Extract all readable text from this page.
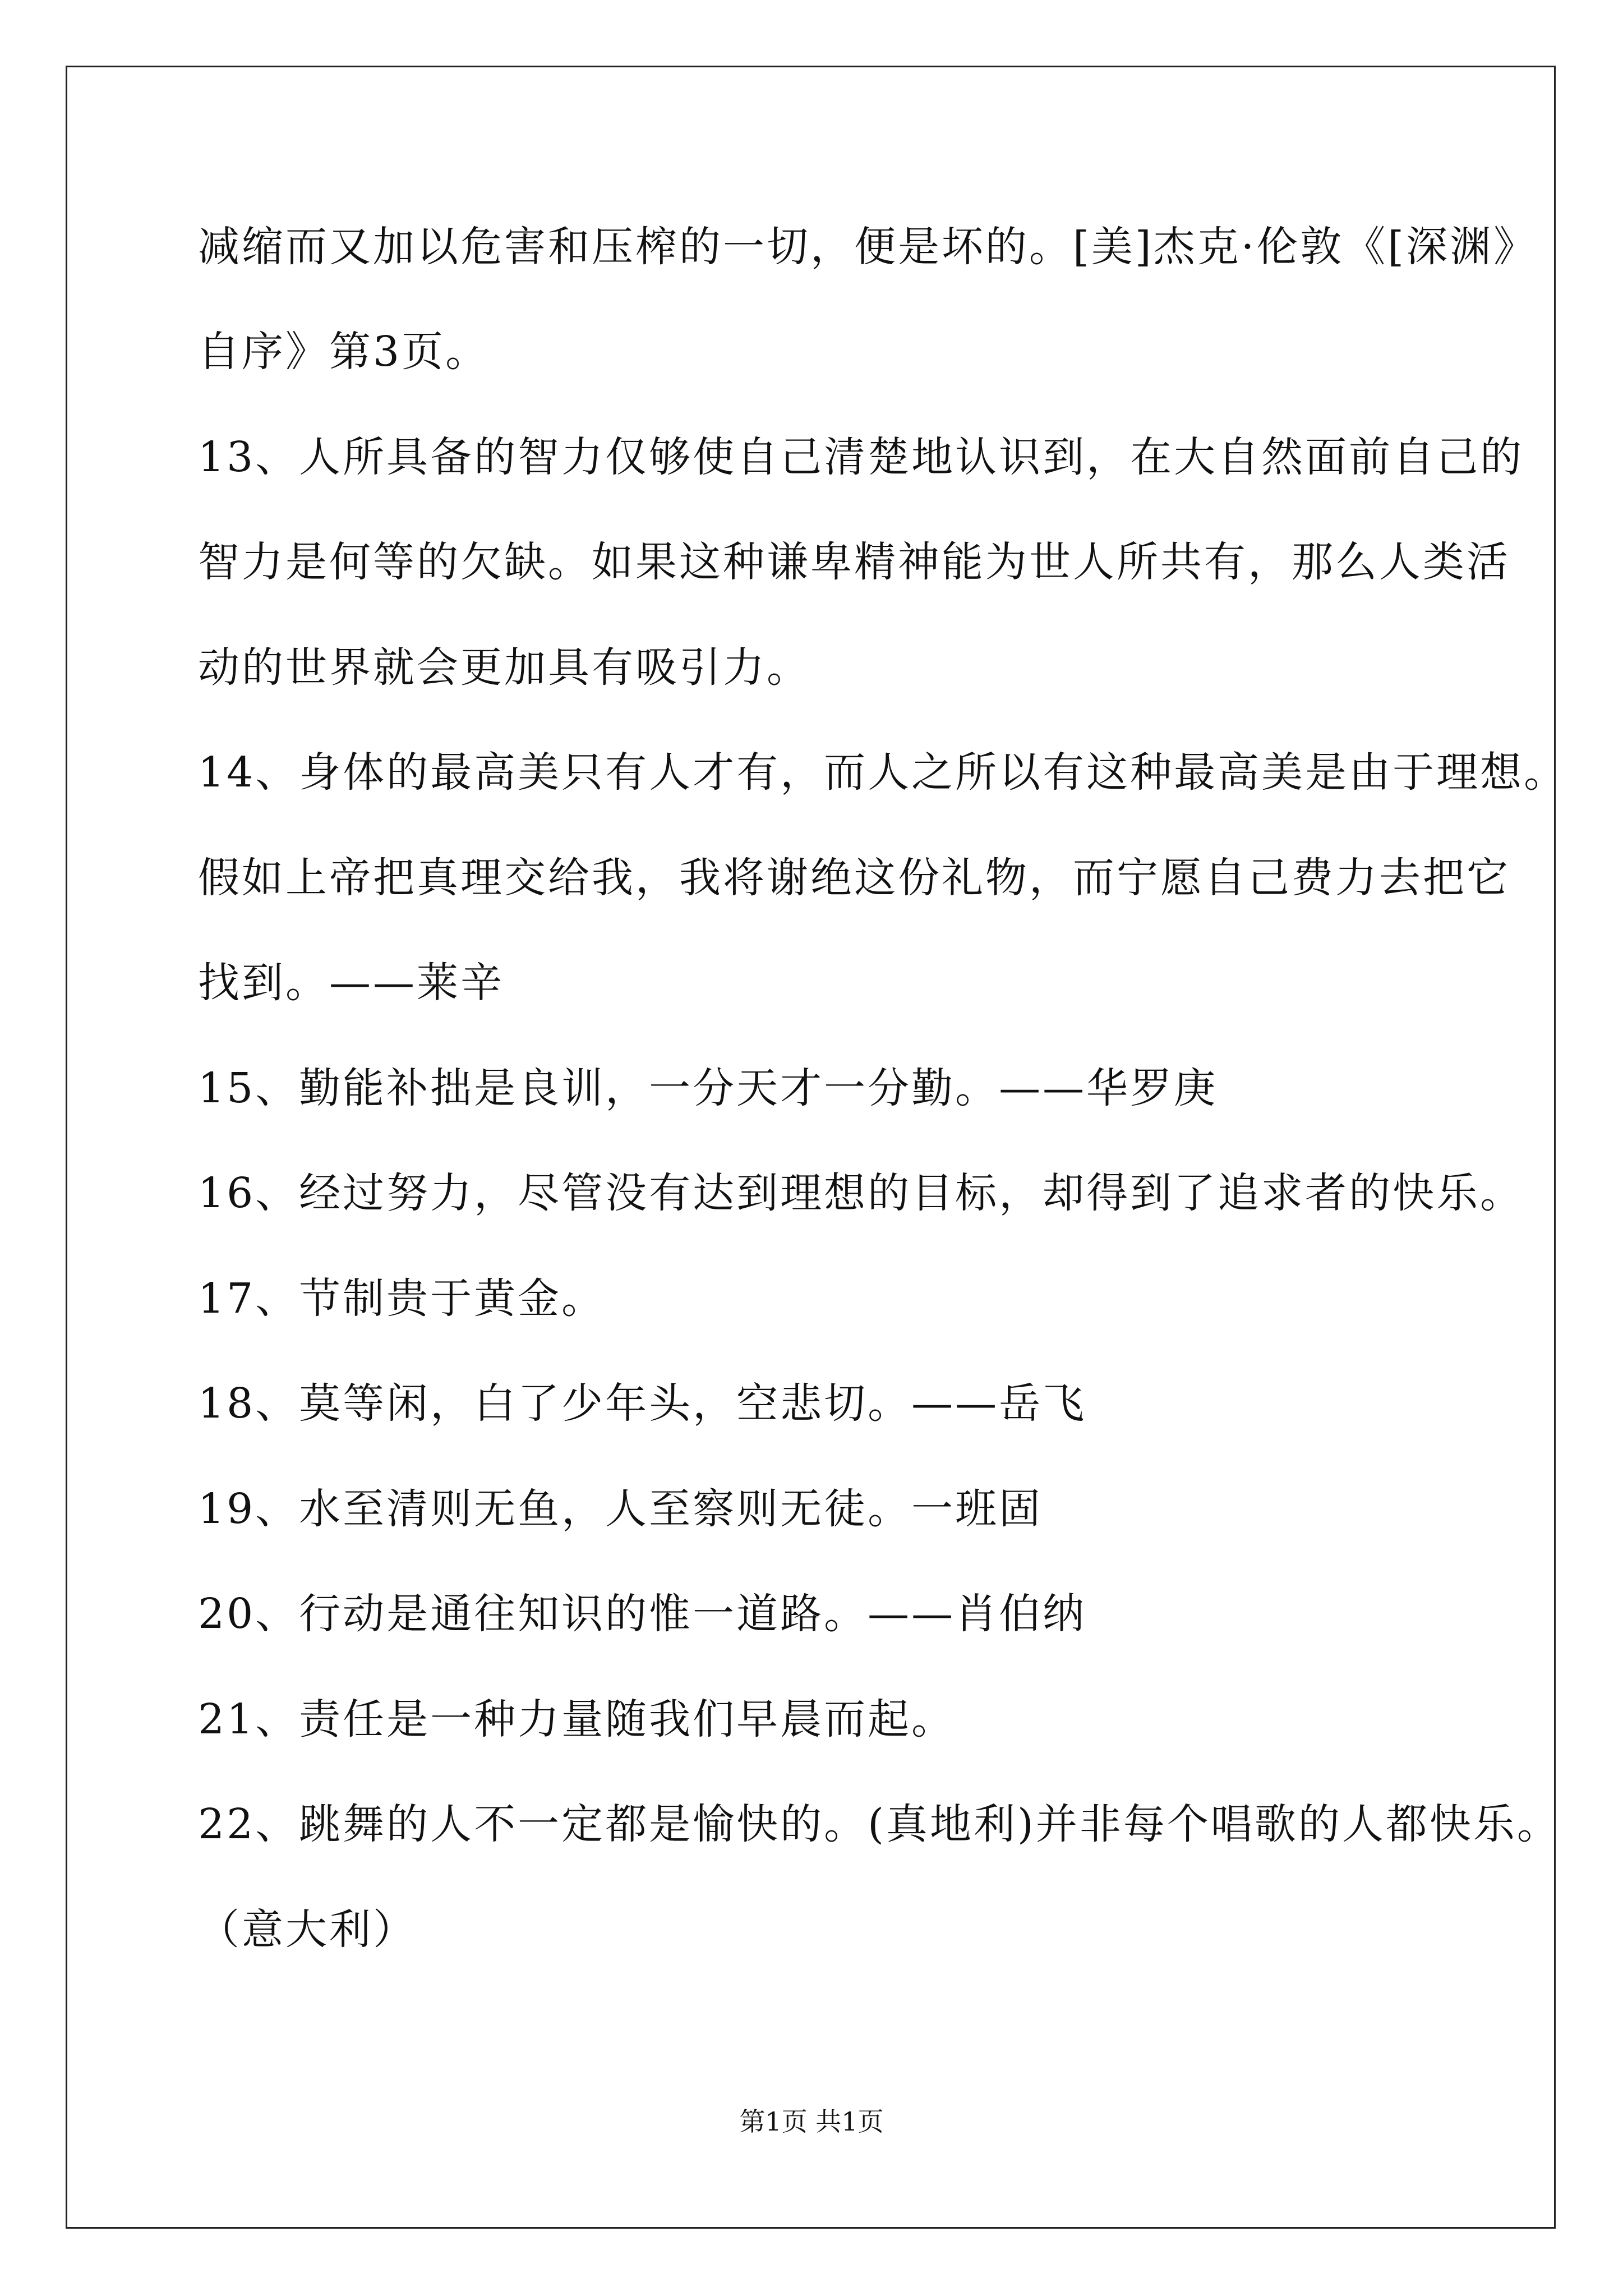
减缩而又加以危害和压榨的一切，便是坏的。[美]杰克·伦敦《[深渊》
自序》第3页。
13、人所具备的智力仅够使自己清楚地认识到，在大自然面前自己的
智力是何等的欠缺。如果这种谦卑精神能为世人所共有，那么人类活
动的世界就会更加具有吸引力。
14、身体的最高美只有人才有，而人之所以有这种最高美是由于理想。
假如上帝把真理交给我，我将谢绝这份礼物，而宁愿自己费力去把它
找到。——莱辛
15、勤能补拙是良训，一分天才一分勤。——华罗庚
16、经过努力，尽管没有达到理想的目标，却得到了追求者的快乐。
17、节制贵于黄金。
18、莫等闲，白了少年头，空悲切。——岳飞
19、水至清则无鱼，人至察则无徒。一班固
20、行动是通往知识的惟一道路。——肖伯纳
21、责任是一种力量随我们早晨而起。
22、跳舞的人不一定都是愉快的。(真地利)并非每个唱歌的人都快乐。
（意大利）
第1页 共1页
